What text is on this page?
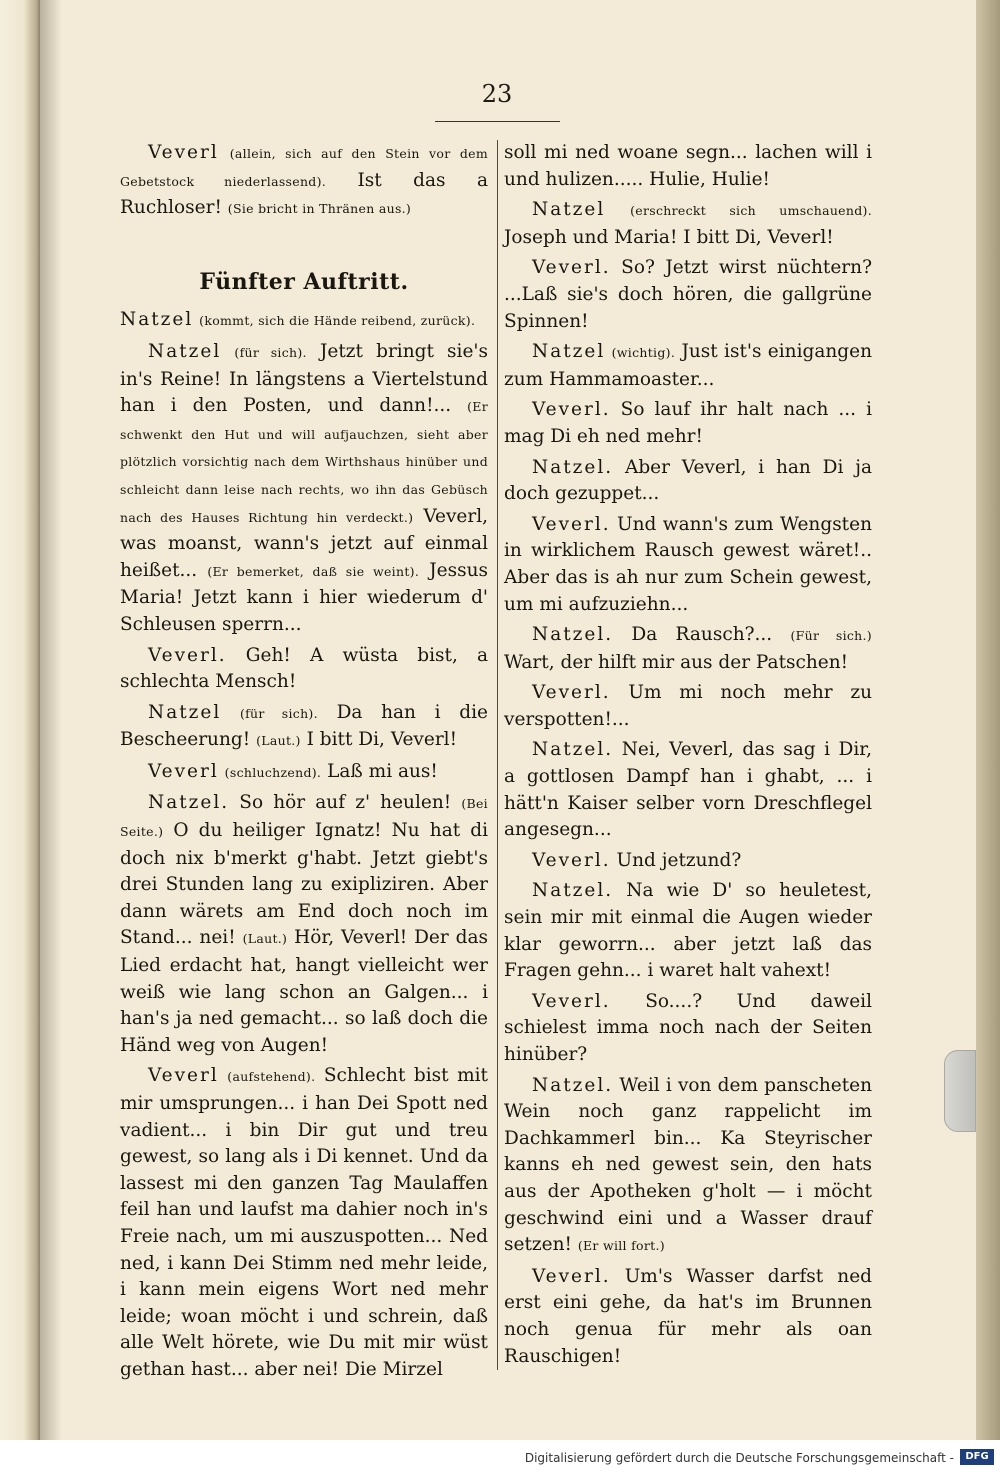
23

Veverl (allein, sich auf den Stein vor dem Gebetstock niederlassend). Ist das a Ruchloser! (Sie bricht in Thränen aus.)

Fünfter Auftritt.

Natzel (kommt, sich die Hände reibend, zurück).

Natzel (für sich). Jetzt bringt sie's in's Reine! In längstens a Viertelstund han i den Posten, und dann!... (Er schwenkt den Hut und will aufjauchzen, sieht aber plötzlich vorsichtig nach dem Wirthshaus hinüber und schleicht dann leise nach rechts, wo ihn das Gebüsch nach des Hauses Richtung hin verdeckt.) Veverl, was moanst, wann's jetzt auf einmal heißet... (Er bemerket, daß sie weint). Jessus Maria! Jetzt kann i hier wiederum d' Schleusen sperrn...

Veverl. Geh! A wüsta bist, a schlechta Mensch!

Natzel (für sich). Da han i die Bescheerung! (Laut.) I bitt Di, Veverl!

Veverl (schluchzend). Laß mi aus!

Natzel. So hör auf z' heulen! (Bei Seite.) O du heiliger Ignatz! Nu hat di doch nix b'merkt g'habt. Jetzt giebt's drei Stunden lang zu exipliziren. Aber dann wärets am End doch noch im Stand... nei! (Laut.) Hör, Veverl! Der das Lied erdacht hat, hangt vielleicht wer weiß wie lang schon an Galgen... i han's ja ned gemacht... so laß doch die Händ weg von Augen!

Veverl (aufstehend). Schlecht bist mit mir umsprungen... i han Dei Spott ned vadient... i bin Dir gut und treu gewest, so lang als i Di kennet. Und da lassest mi den ganzen Tag Maulaffen feil han und laufst ma dahier noch in's Freie nach, um mi auszuspotten... Ned ned, i kann Dei Stimm ned mehr leide, i kann mein eigens Wort ned mehr leide; woan möcht i und schrein, daß alle Welt hörete, wie Du mit mir wüst gethan hast... aber nei! Die Mirzel

soll mi ned woane segn... lachen will i und hulizen..... Hulie, Hulie!

Natzel (erschreckt sich umschauend). Joseph und Maria! I bitt Di, Veverl!

Veverl. So? Jetzt wirst nüchtern? ...Laß sie's doch hören, die gallgrüne Spinnen!

Natzel (wichtig). Just ist's einigangen zum Hammamoaster...

Veverl. So lauf ihr halt nach ... i mag Di eh ned mehr!

Natzel. Aber Veverl, i han Di ja doch gezuppet...

Veverl. Und wann's zum Wengsten in wirklichem Rausch gewest wäret!.. Aber das is ah nur zum Schein gewest, um mi aufzuziehn...

Natzel. Da Rausch?... (Für sich.) Wart, der hilft mir aus der Patschen!

Veverl. Um mi noch mehr zu verspotten!...

Natzel. Nei, Veverl, das sag i Dir, a gottlosen Dampf han i ghabt, ... i hätt'n Kaiser selber vorn Dreschflegel angesegn...

Veverl. Und jetzund?

Natzel. Na wie D' so heuletest, sein mir mit einmal die Augen wieder klar geworrn... aber jetzt laß das Fragen gehn... i waret halt vahext!

Veverl. So....? Und daweil schielest imma noch nach der Seiten hinüber?

Natzel. Weil i von dem panscheten Wein noch ganz rappelicht im Dachkammerl bin... Ka Steyrischer kanns eh ned gewest sein, den hats aus der Apotheken g'holt — i möcht geschwind eini und a Wasser drauf setzen! (Er will fort.)

Veverl. Um's Wasser darfst ned erst eini gehe, da hat's im Brunnen noch genua für mehr als oan Rauschigen!

Digitalisierung gefördert durch die Deutsche Forschungsgemeinschaft -	DFG
